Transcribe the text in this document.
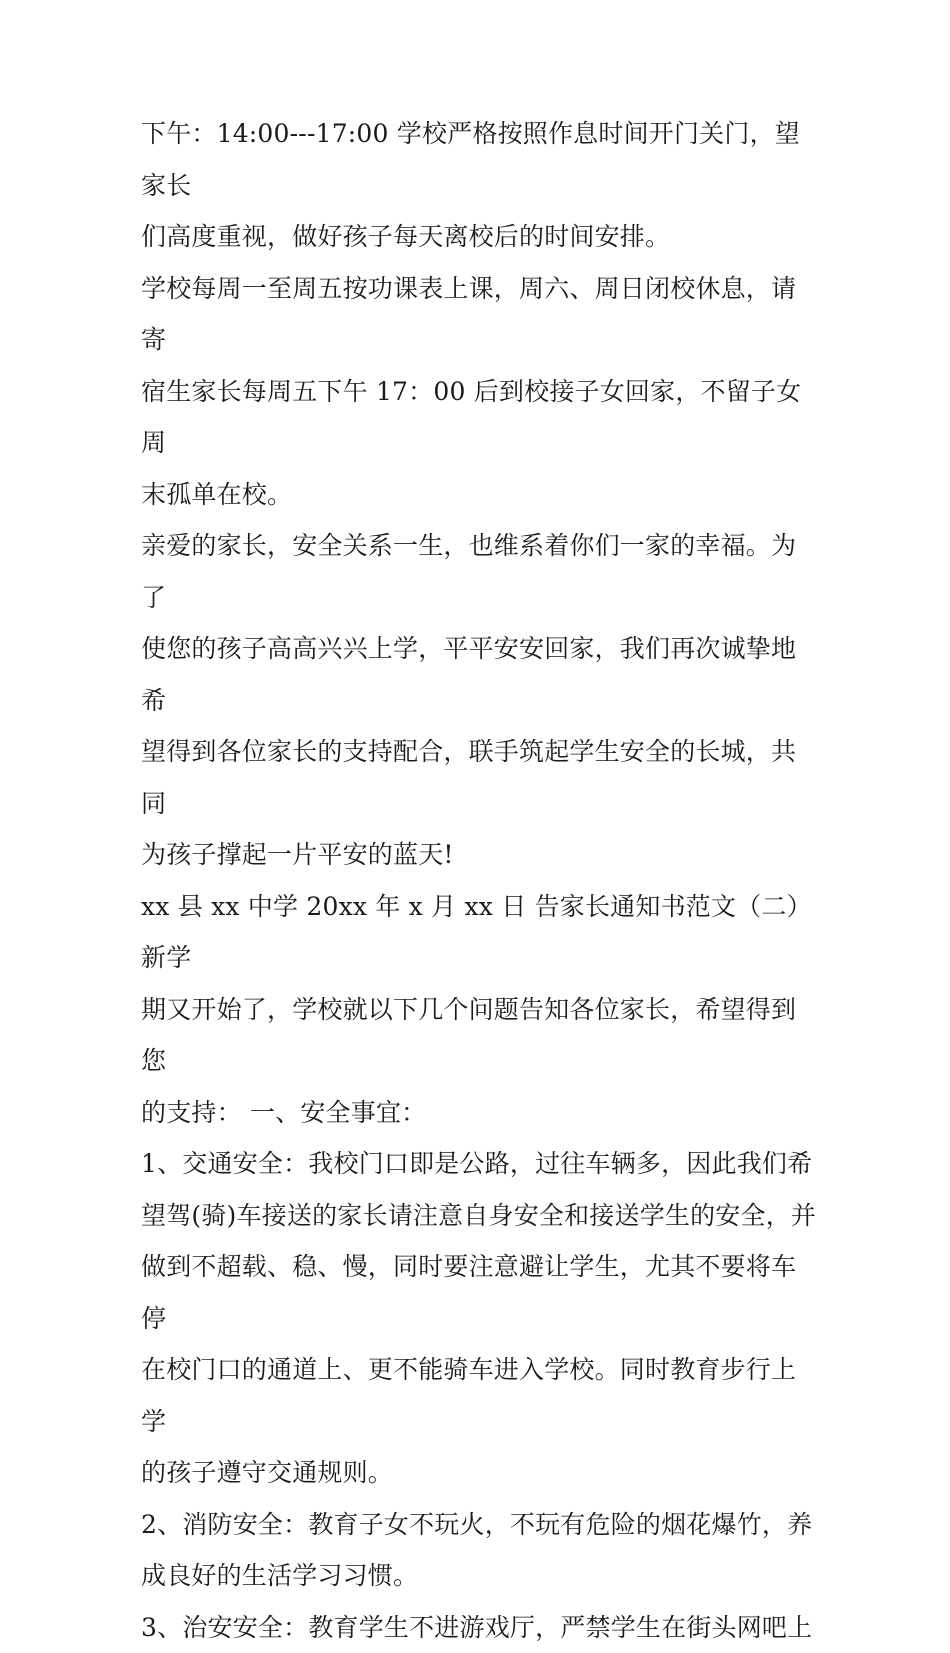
下午：14:00---17:00 学校严格按照作息时间开门关门，望家长
们高度重视，做好孩子每天离校后的时间安排。

学校每周一至周五按功课表上课，周六、周日闭校休息，请寄
宿生家长每周五下午 17：00 后到校接子女回家，不留子女周
末孤单在校。

亲爱的家长，安全关系一生，也维系着你们一家的幸福。为了
使您的孩子高高兴兴上学，平平安安回家，我们再次诚挚地希
望得到各位家长的支持配合，联手筑起学生安全的长城，共同
为孩子撑起一片平安的蓝天!

xx 县 xx 中学 20xx 年 x 月 xx 日 告家长通知书范文（二） 新学
期又开始了，学校就以下几个问题告知各位家长，希望得到您
的支持： 一、安全事宜：

1、交通安全：我校门口即是公路，过往车辆多，因此我们希
望驾(骑)车接送的家长请注意自身安全和接送学生的安全，并
做到不超载、稳、慢，同时要注意避让学生，尤其不要将车停
在校门口的通道上、更不能骑车进入学校。同时教育步行上学
的孩子遵守交通规则。

2、消防安全：教育子女不玩火，不玩有危险的烟花爆竹，养
成良好的生活学习习惯。

3、治安安全：教育学生不进游戏厅，严禁学生在街头网吧上
